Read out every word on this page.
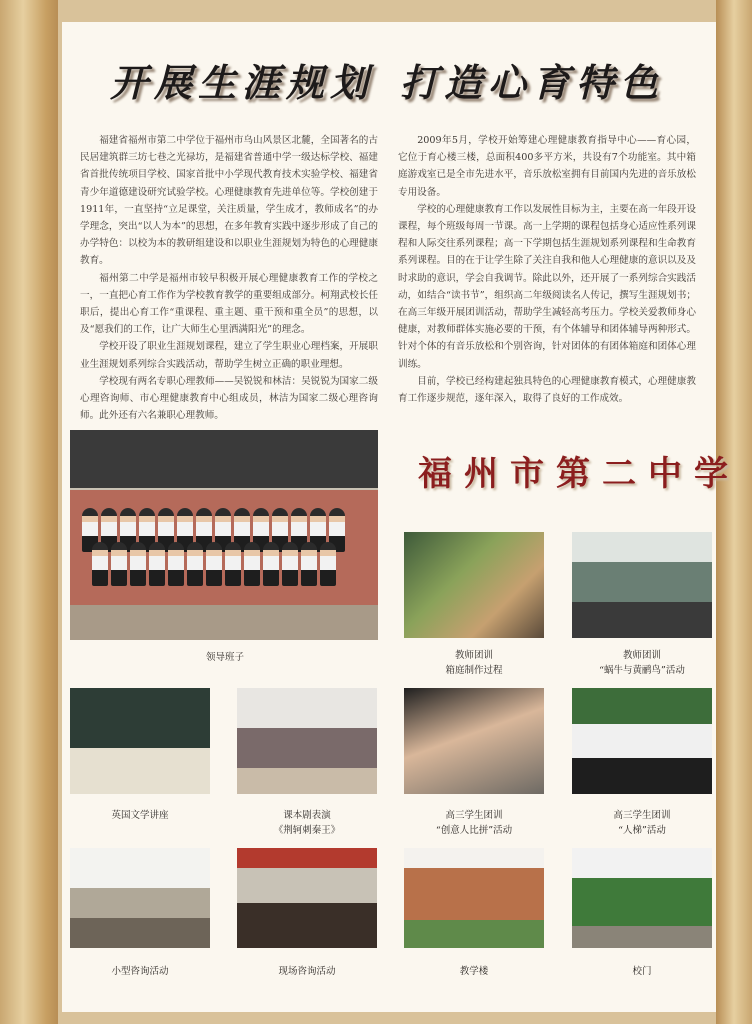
开展生涯规划 打造心育特色

福建省福州市第二中学位于福州市乌山风景区北麓，全国著名的古民居建筑群三坊七巷之光禄坊，是福建省普通中学一级达标学校、福建省首批传统项目学校、国家首批中小学现代教育技术实验学校、福建省青少年道德建设研究试验学校。心理健康教育先进单位等。学校创建于1911年，一直坚持“立足课堂，关注质量，学生成才，教师成名”的办学理念，突出“以人为本”的思想，在多年教育实践中逐步形成了自己的办学特色：以校为本的教研组建设和以职业生涯规划为特色的心理健康教育。

福州第二中学是福州市较早积极开展心理健康教育工作的学校之一，一直把心育工作作为学校教育教学的重要组成部分。柯翔武校长任职后，提出心育工作“重课程、重主题、重干预和重全员”的思想，以及“愿我们的工作，让广大师生心里洒满阳光”的理念。

学校开设了职业生涯规划课程，建立了学生职业心理档案，开展职业生涯规划系列综合实践活动，帮助学生树立正确的职业理想。

学校现有两名专职心理教师——吴锐锐和林洁：吴锐锐为国家二级心理咨询师、市心理健康教育中心组成员，林洁为国家二级心理咨询师。此外还有六名兼职心理教师。

2009年5月，学校开始筹建心理健康教育指导中心——育心园，它位于育心楼三楼，总面积400多平方米，共设有7个功能室。其中箱庭游戏室已是全市先进水平，音乐放松室拥有目前国内先进的音乐放松专用设备。

学校的心理健康教育工作以发展性目标为主，主要在高一年段开设课程，每个班级每周一节课。高一上学期的课程包括身心适应性系列课程和人际交往系列课程；高一下学期包括生涯规划系列课程和生命教育系列课程。目的在于让学生除了关注自我和他人心理健康的意识以及及时求助的意识，学会自我调节。除此以外，还开展了一系列综合实践活动，如结合“读书节”，组织高二年级阅读名人传记，撰写生涯规划书；在高三年级开展团训活动，帮助学生减轻高考压力。学校关爱教师身心健康，对教师群体实施必要的干预，有个体辅导和团体辅导两种形式。针对个体的有音乐放松和个别咨询，针对团体的有团体箱庭和团体心理训练。

目前，学校已经构建起独具特色的心理健康教育模式，心理健康教育工作逐步规范，逐年深入，取得了良好的工作成效。

福州市第二中学
领导班子	教师团训
箱庭制作过程
教师团训
“蜗牛与黄鹂鸟”活动
英国文学讲座	课本剧表演
《荆轲刺秦王》
高三学生团训
“创意人比拼”活动
高三学生团训
“人梯”活动
小型咨询活动	现场咨询活动	教学楼	校门
